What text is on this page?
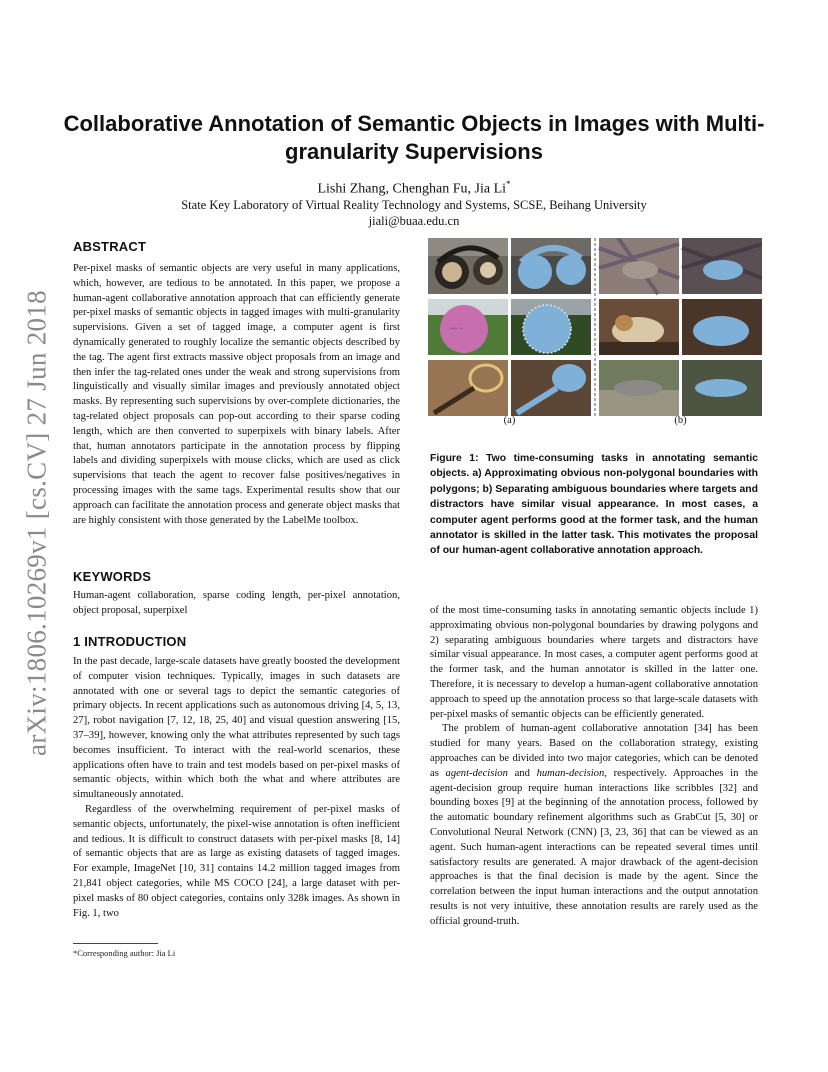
arXiv:1806.10269v1 [cs.CV] 27 Jun 2018
Collaborative Annotation of Semantic Objects in Images with Multi-granularity Supervisions
Lishi Zhang, Chenghan Fu, Jia Li*
State Key Laboratory of Virtual Reality Technology and Systems, SCSE, Beihang University
jiali@buaa.edu.cn
ABSTRACT

Per-pixel masks of semantic objects are very useful in many applications, which, however, are tedious to be annotated. In this paper, we propose a human-agent collaborative annotation approach that can efficiently generate per-pixel masks of semantic objects in tagged images with multi-granularity supervisions. Given a set of tagged image, a computer agent is first dynamically generated to roughly localize the semantic objects described by the tag. The agent first extracts massive object proposals from an image and then infer the tag-related ones under the weak and strong supervisions from linguistically and visually similar images and previously annotated object masks. By representing such supervisions by over-complete dictionaries, the tag-related object proposals can pop-out according to their sparse coding length, which are then converted to superpixels with binary labels. After that, human annotators participate in the annotation process by flipping labels and dividing superpixels with mouse clicks, which are used as click supervisions that teach the agent to recover false positives/negatives in processing images with the same tags. Experimental results show that our approach can facilitate the annotation process and generate object masks that are highly consistent with those generated by the LabelMe toolbox.

KEYWORDS

Human-agent collaboration, sparse coding length, per-pixel annotation, object proposal, superpixel

1 INTRODUCTION

In the past decade, large-scale datasets have greatly boosted the development of computer vision techniques. Typically, images in such datasets are annotated with one or several tags to depict the semantic categories of primary objects. In recent applications such as autonomous driving [4, 5, 13, 27], robot navigation [7, 12, 18, 25, 40] and visual question answering [15, 37–39], however, knowing only the what attributes represented by such tags becomes insufficient. To interact with the real-world scenarios, these applications often have to train and test models based on per-pixel masks of semantic objects, within which both the what and where attributes are simultaneously annotated.

Regardless of the overwhelming requirement of per-pixel masks of semantic objects, unfortunately, the pixel-wise annotation is often inefficient and tedious. It is difficult to construct datasets with per-pixel masks [8, 14] of semantic objects that are as large as existing datasets of tagged images. For example, ImageNet [10, 31] contains 14.2 million tagged images from 21,841 object categories, while MS COCO [24], a large dataset with per-pixel masks of 80 object categories, contains only 328k images. As shown in Fig. 1, two

*Corresponding author: Jia Li
~~ ~
(a)	(b)
Figure 1: Two time-consuming tasks in annotating semantic objects. a) Approximating obvious non-polygonal boundaries with polygons; b) Separating ambiguous boundaries where targets and distractors have similar visual appearance. In most cases, a computer agent performs good at the former task, and the human annotator is skilled in the latter task. This motivates the proposal of our human-agent collaborative annotation approach.

of the most time-consuming tasks in annotating semantic objects include 1) approximating obvious non-polygonal boundaries by drawing polygons and 2) separating ambiguous boundaries where targets and distractors have similar visual appearance. In most cases, a computer agent performs good at the former task, and the human annotator is skilled in the latter one. Therefore, it is necessary to develop a human-agent collaborative annotation approach to speed up the annotation process so that large-scale datasets with per-pixel masks of semantic objects can be efficiently generated.

The problem of human-agent collaborative annotation [34] has been studied for many years. Based on the collaboration strategy, existing approaches can be divided into two major categories, which can be denoted as agent-decision and human-decision, respectively. Approaches in the agent-decision group require human interactions like scribbles [32] and bounding boxes [9] at the beginning of the annotation process, followed by the automatic boundary refinement algorithms such as GrabCut [5, 30] or Convolutional Neural Network (CNN) [3, 23, 36] that can be viewed as an agent. Such human-agent interactions can be repeated several times until satisfactory results are generated. A major drawback of the agent-decision approaches is that the final decision is made by the agent. Since the correlation between the input human interactions and the output annotation results is not very intuitive, these annotation results are rarely used as the official ground-truth.
